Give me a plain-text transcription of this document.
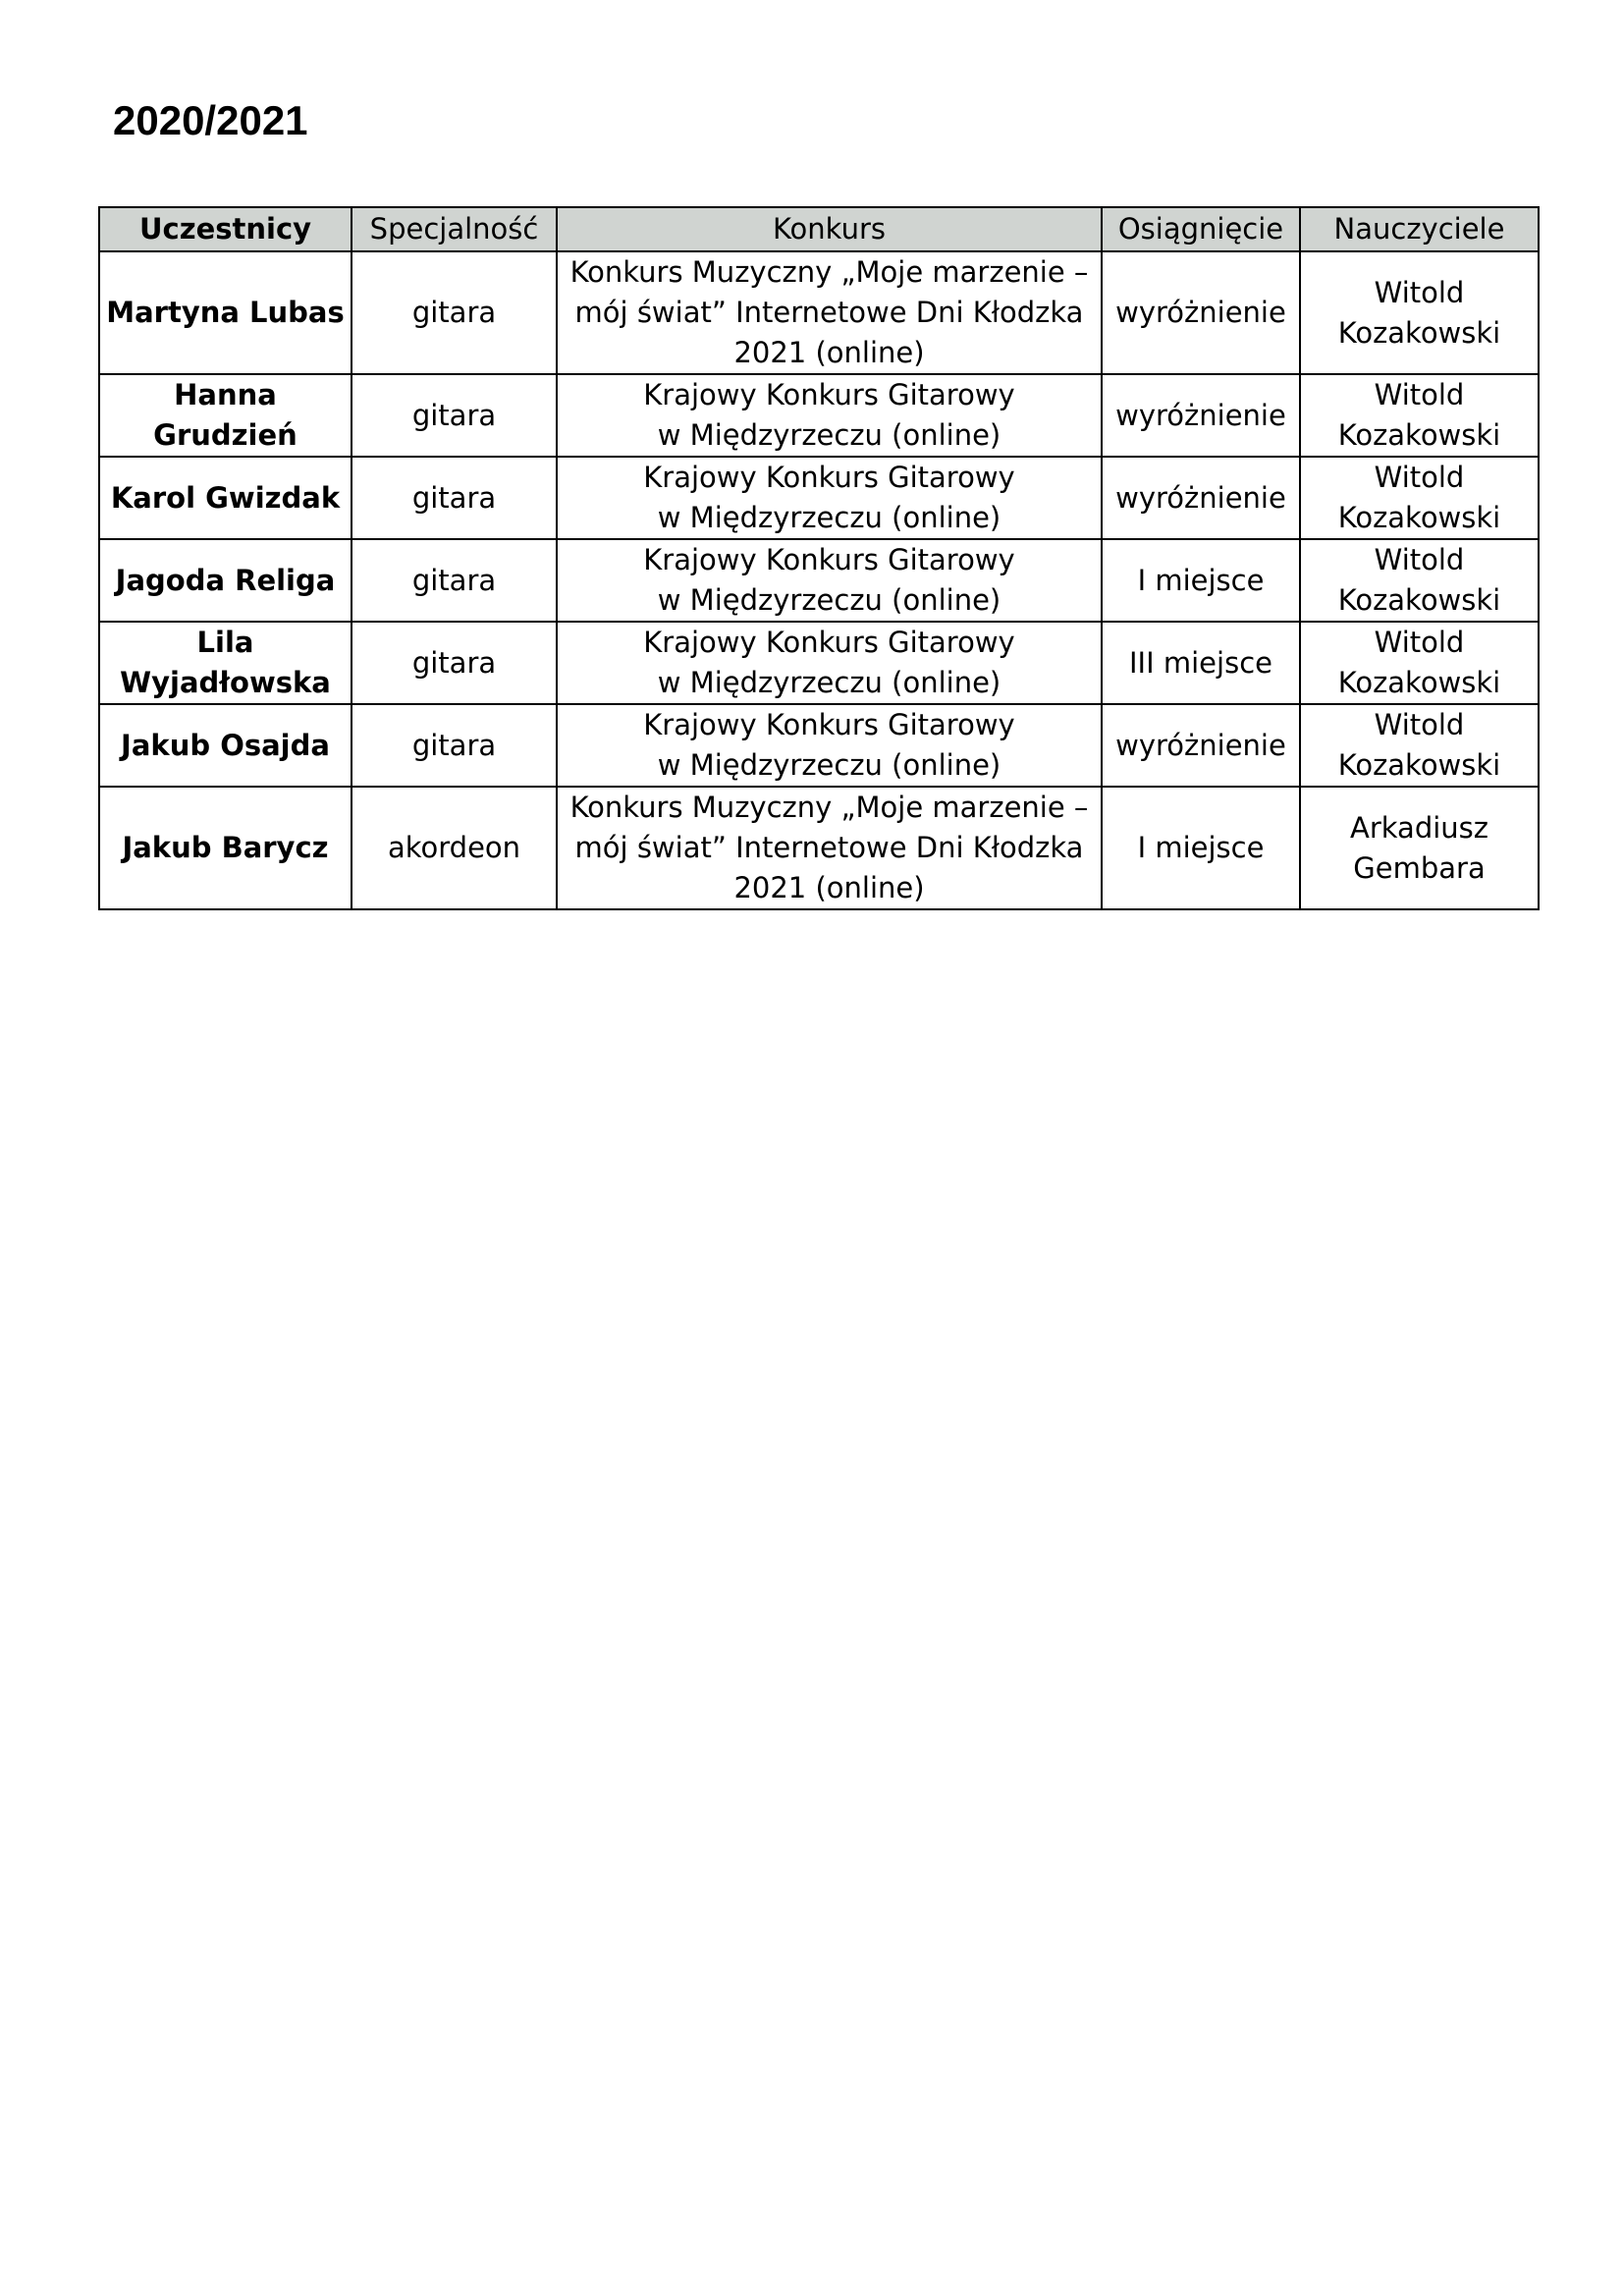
2020/2021
Uczestnicy	Specjalność	Konkurs	Osiągnięcie	Nauczyciele

Martyna Lubas	gitara	Konkurs Muzyczny „Moje marzenie –
mój świat” Internetowe Dni Kłodzka
2021 (online)	wyróżnienie	Witold
Kozakowski

Hanna
Grudzień	gitara	Krajowy Konkurs Gitarowy
w Międzyrzeczu (online)	wyróżnienie	Witold
Kozakowski

Karol Gwizdak	gitara	Krajowy Konkurs Gitarowy
w Międzyrzeczu (online)	wyróżnienie	Witold
Kozakowski

Jagoda Religa	gitara	Krajowy Konkurs Gitarowy
w Międzyrzeczu (online)	I miejsce	Witold
Kozakowski

Lila
Wyjadłowska	gitara	Krajowy Konkurs Gitarowy
w Międzyrzeczu (online)	III miejsce	Witold
Kozakowski

Jakub Osajda	gitara	Krajowy Konkurs Gitarowy
w Międzyrzeczu (online)	wyróżnienie	Witold
Kozakowski

Jakub Barycz	akordeon	Konkurs Muzyczny „Moje marzenie –
mój świat” Internetowe Dni Kłodzka
2021 (online)	I miejsce	Arkadiusz
Gembara
